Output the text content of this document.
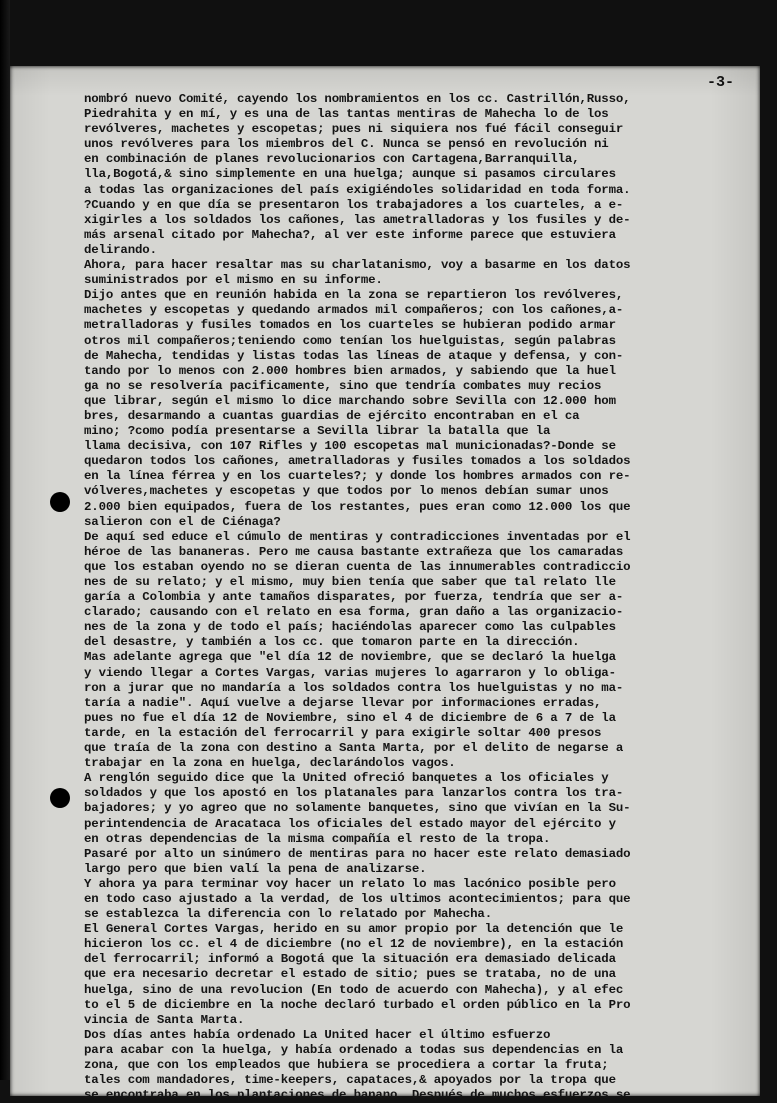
-3-
nombró nuevo Comité, cayendo los nombramientos en los cc. Castrillón,Russo,
Piedrahita y en mí, y es una de las tantas mentiras de Mahecha lo de los
revólveres, machetes y escopetas; pues ni siquiera nos fué fácil conseguir
unos revólveres para los miembros del C. Nunca se pensó en revolución ni
en combinación de planes revolucionarios con Cartagena,Barranquilla,
lla,Bogotá,& sino simplemente en una huelga; aunque si pasamos circulares
a todas las organizaciones del país exigiéndoles solidaridad en toda forma.
?Cuando y en que día se presentaron los trabajadores a los cuarteles, a e-
xigirles a los soldados los cañones, las ametralladoras y los fusiles y de-
más arsenal citado por Mahecha?, al ver este informe parece que estuviera
delirando.
Ahora, para hacer resaltar mas su charlatanismo, voy a basarme en los datos
suministrados por el mismo en su informe.
Dijo antes que en reunión habida en la zona se repartieron los revólveres,
machetes y escopetas y quedando armados mil compañeros; con los cañones,a-
metralladoras y fusiles tomados en los cuarteles se hubieran podido armar
otros mil compañeros;teniendo como tenían los huelguistas, según palabras
de Mahecha, tendidas y listas todas las líneas de ataque y defensa, y con-
tando por lo menos con 2.000 hombres bien armados, y sabiendo que la huel
ga no se resolvería pacificamente, sino que tendría combates muy recios
que librar, según el mismo lo dice marchando sobre Sevilla con 12.000 hom
bres, desarmando a cuantas guardias de ejército encontraban en el ca
mino; ?como podía presentarse a Sevilla librar la batalla que la
llama decisiva, con 107 Rifles y 100 escopetas mal municionadas?-Donde se
quedaron todos los cañones, ametralladoras y fusiles tomados a los soldados
en la línea férrea y en los cuarteles?; y donde los hombres armados con re-
vólveres,machetes y escopetas y que todos por lo menos debían sumar unos
2.000 bien equipados, fuera de los restantes, pues eran como 12.000 los que
salieron con el de Ciénaga?
De aquí sed educe el cúmulo de mentiras y contradicciones inventadas por el
héroe de las bananeras. Pero me causa bastante extrañeza que los camaradas
que los estaban oyendo no se dieran cuenta de las innumerables contradiccio
nes de su relato; y el mismo, muy bien tenía que saber que tal relato lle
garía a Colombia y ante tamaños disparates, por fuerza, tendría que ser a-
clarado; causando con el relato en esa forma, gran daño a las organizacio-
nes de la zona y de todo el país; haciéndolas aparecer como las culpables
del desastre, y también a los cc. que tomaron parte en la dirección.
Mas adelante agrega que "el día 12 de noviembre, que se declaró la huelga
y viendo llegar a Cortes Vargas, varias mujeres lo agarraron y lo obliga-
ron a jurar que no mandaría a los soldados contra los huelguistas y no ma-
taría a nadie". Aquí vuelve a dejarse llevar por informaciones erradas,
pues no fue el día 12 de Noviembre, sino el 4 de diciembre de 6 a 7 de la
tarde, en la estación del ferrocarril y para exigirle soltar 400 presos
que traía de la zona con destino a Santa Marta, por el delito de negarse a
trabajar en la zona en huelga, declarándolos vagos.
A renglón seguido dice que la United ofreció banquetes a los oficiales y
soldados y que los apostó en los platanales para lanzarlos contra los tra-
bajadores; y yo agreo que no solamente banquetes, sino que vivían en la Su-
perintendencia de Aracataca los oficiales del estado mayor del ejército y
en otras dependencias de la misma compañía el resto de la tropa.
Pasaré por alto un sinúmero de mentiras para no hacer este relato demasiado
largo pero que bien valí la pena de analizarse.
Y ahora ya para terminar voy hacer un relato lo mas lacónico posible pero
en todo caso ajustado a la verdad, de los ultimos acontecimientos; para que
se establezca la diferencia con lo relatado por Mahecha.
El General Cortes Vargas, herido en su amor propio por la detención que le
hicieron los cc. el 4 de diciembre (no el 12 de noviembre), en la estación
del ferrocarril; informó a Bogotá que la situación era demasiado delicada
que era necesario decretar el estado de sitio; pues se trataba, no de una
huelga, sino de una revolucion (En todo de acuerdo con Mahecha), y al efec
to el 5 de diciembre en la noche declaró turbado el orden público en la Pro
vincia de Santa Marta.
Dos días antes había ordenado La United hacer el último esfuerzo
para acabar con la huelga, y había ordenado a todas sus dependencias en la
zona, que con los empleados que hubiera se procediera a cortar la fruta;
tales com mandadores, time-keepers, capataces,& apoyados por la tropa que
se encontraba en los plantaciones de banano. Después de muchos esfuerzos se
